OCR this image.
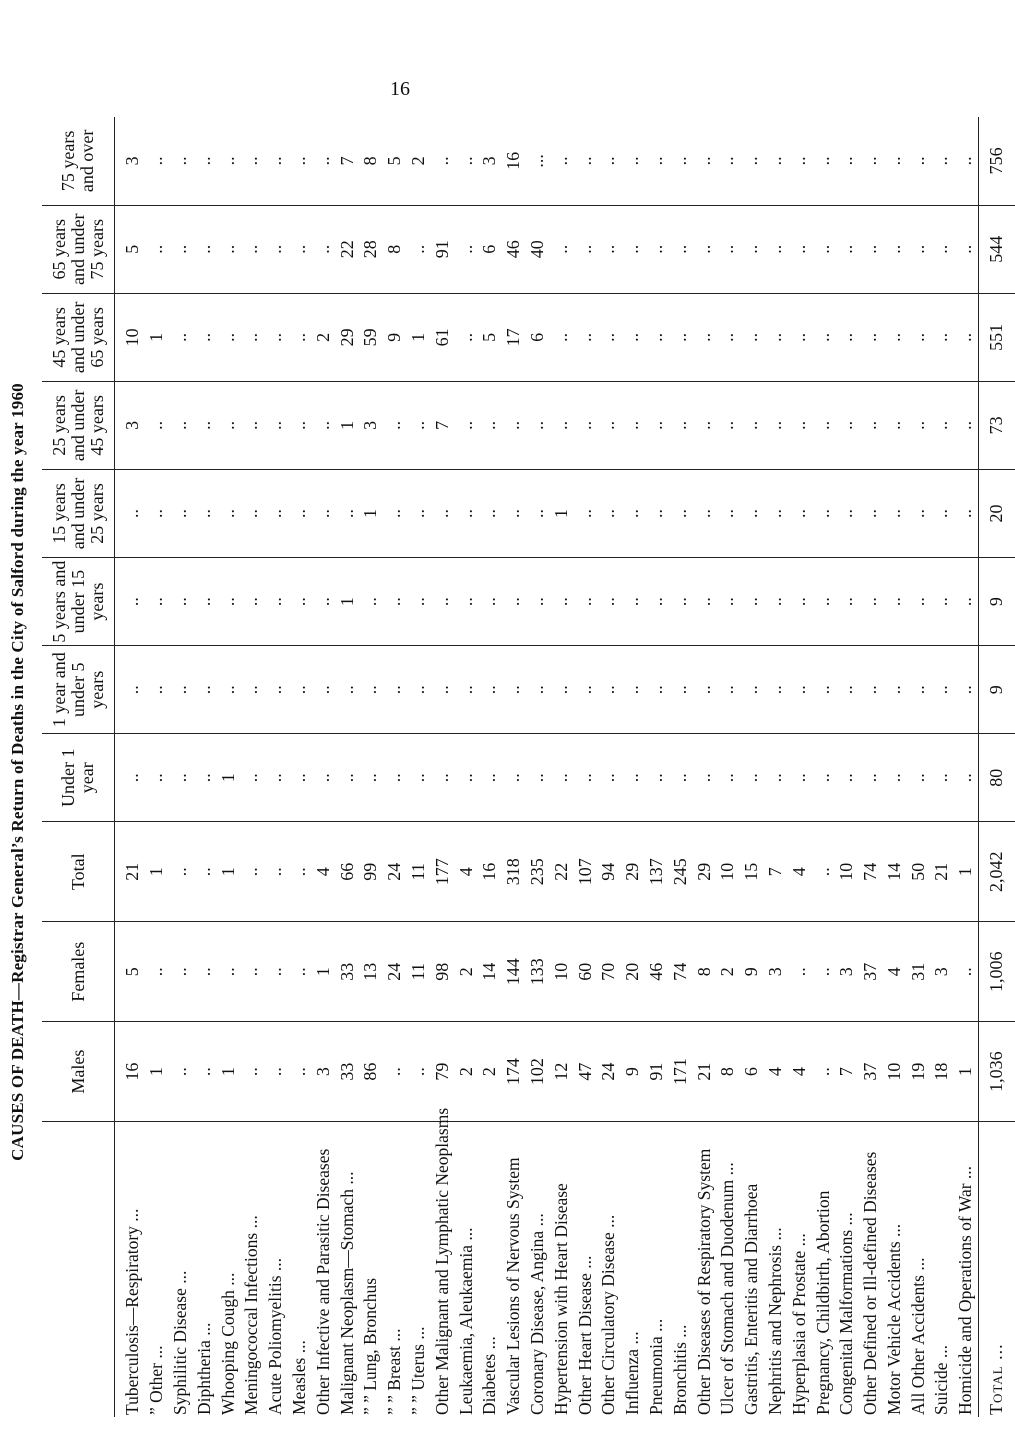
16
CAUSES OF DEATH—Registrar General’s Return of Deaths in the City of Salford during the year 1960
	Males	Females	Total	Under 1 year	1 year and under 5 years	5 years and under 15 years	15 years and under 25 years	25 years and under 45 years	45 years and under 65 years	65 years and under 75 years	75 years and over
Tuberculosis—Respiratory ...	16	5	21	..	..	..	..	3	10	5	3
” Other ...	1	..	1	..	..	..	..	..	1	..	..
Syphilitic Disease ...	..	..	..	..	..	..	..	..	..	..	..
Diphtheria ...	..	..	..	..	..	..	..	..	..	..	..
Whooping Cough ...	1	..	1	1	..	..	..	..	..	..	..
Meningococcal Infections ...	..	..	..	..	..	..	..	..	..	..	..
Acute Poliomyelitis ...	..	..	..	..	..	..	..	..	..	..	..
Measles ...	..	..	..	..	..	..	..	..	..	..	..
Other Infective and Parasitic Diseases	3	1	4	..	..	..	..	..	2	..	..
Malignant Neoplasm—Stomach ...	33	33	66	..	..	1	..	1	29	22	7
” ” Lung, Bronchus	86	13	99	..	..	..	1	3	59	28	8
” ” Breast ...	..	24	24	..	..	..	..	..	9	8	5
” ” Uterus ...	..	11	11	..	..	..	..	..	1	..	2
Other Malignant and Lymphatic Neoplasms	79	98	177	..	..	..	..	7	61	91	..
Leukaemia, Aleukaemia ...	2	2	4	..	..	..	..	..	..	..	..
Diabetes ...	2	14	16	..	..	..	..	..	5	6	3
Vascular Lesions of Nervous System	174	144	318	..	..	..	..	..	17	46	16
Coronary Disease, Angina ...	102	133	235	..	..	..	..	..	6	40	...
Hypertension with Heart Disease	12	10	22	..	..	..	1	..	..	..	..
Other Heart Disease ...	47	60	107	..	..	..	..	..	..	..	..
Other Circulatory Disease ...	24	70	94	..	..	..	..	..	..	..	..
Influenza ...	9	20	29	..	..	..	..	..	..	..	..
Pneumonia ...	91	46	137	..	..	..	..	..	..	..	..
Bronchitis ...	171	74	245	..	..	..	..	..	..	..	..
Other Diseases of Respiratory System	21	8	29	..	..	..	..	..	..	..	..
Ulcer of Stomach and Duodenum ...	8	2	10	..	..	..	..	..	..	..	..
Gastritis, Enteritis and Diarrhoea	6	9	15	..	..	..	..	..	..	..	..
Nephritis and Nephrosis ...	4	3	7	..	..	..	..	..	..	..	..
Hyperplasia of Prostate ...	4	..	4	..	..	..	..	..	..	..	..
Pregnancy, Childbirth, Abortion	..	..	..	..	..	..	..	..	..	..	..
Congenital Malformations ...	7	3	10	..	..	..	..	..	..	..	..
Other Defined or Ill-defined Diseases	37	37	74	..	..	..	..	..	..	..	..
Motor Vehicle Accidents ...	10	4	14	..	..	..	..	..	..	..	..
All Other Accidents ...	19	31	50	..	..	..	..	..	..	..	..
Suicide ...	18	3	21	..	..	..	..	..	..	..	..
Homicide and Operations of War ...	1	..	1	..	..	..	..	..	..	..	..
Total ...	1,036	1,006	2,042	80	9	9	20	73	551	544	756
